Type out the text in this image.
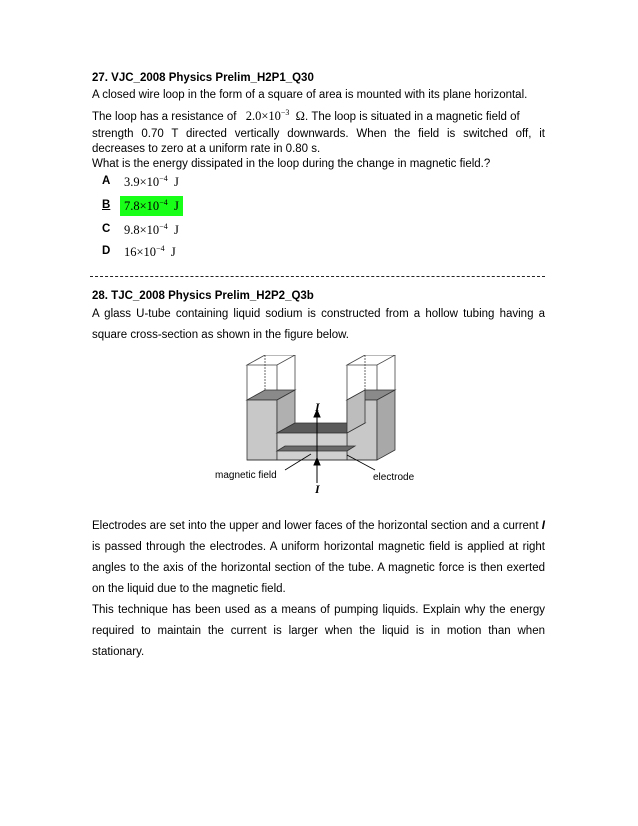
27. VJC_2008 Physics Prelim_H2P1_Q30

A closed wire loop in the form of a square of area is mounted with its plane horizontal.

The loop has a resistance of $2.0\times 10^{-3}$ Ω. The loop is situated in a magnetic field of

strength 0.70 T directed vertically downwards. When the field is switched off, it decreases to zero at a uniform rate in 0.80 s.

What is the energy dissipated in the loop during the change in magnetic field.?

A $3.9\times 10^{-4}$ J
B	$7.8\times 10^{-4}$ J
C $9.8\times 10^{-4}$ J
D $16\times 10^{-4}$ J
28. TJC_2008 Physics Prelim_H2P2_Q3b
A glass U-tube containing liquid sodium is constructed from a hollow tubing having a square cross-section as shown in the figure below.
I
I
magnetic field	electrode

Electrodes are set into the upper and lower faces of the horizontal section and a current I is passed through the electrodes. A uniform horizontal magnetic field is applied at right angles to the axis of the horizontal section of the tube. A magnetic force is then exerted on the liquid due to the magnetic field.

This technique has been used as a means of pumping liquids. Explain why the energy required to maintain the current is larger when the liquid is in motion than when stationary.
